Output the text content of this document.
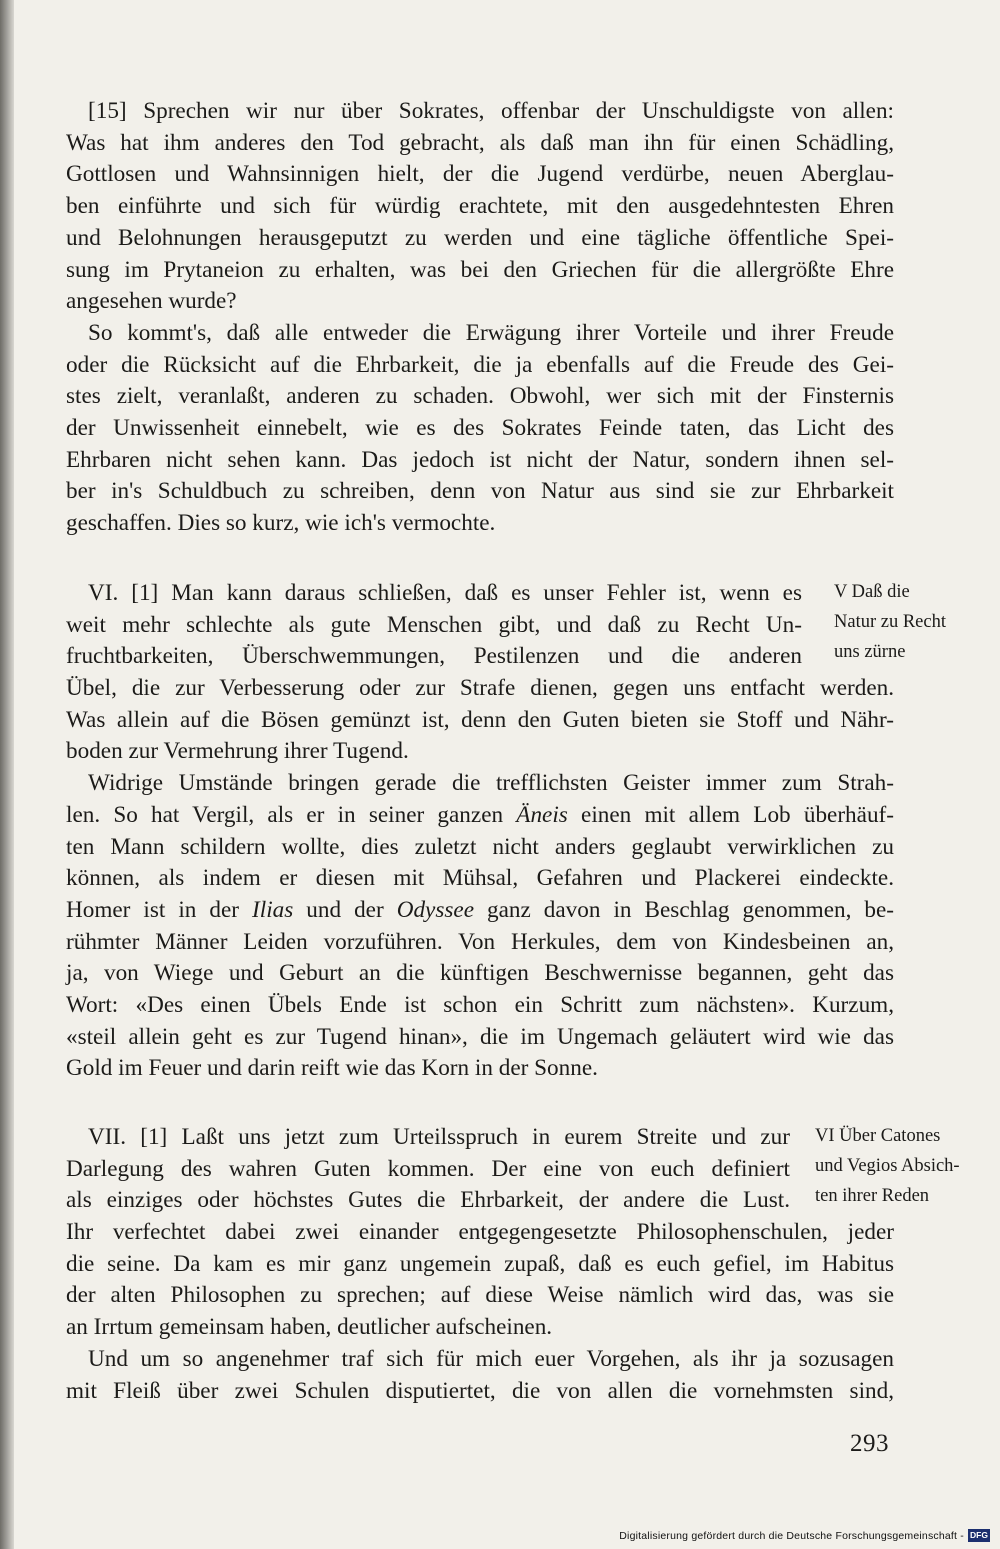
[15] Sprechen wir nur über Sokrates, offenbar der Unschuldigste von allen:
Was hat ihm anderes den Tod gebracht, als daß man ihn für einen Schädling,
Gottlosen und Wahnsinnigen hielt, der die Jugend verdürbe, neuen Aberglau-
ben einführte und sich für würdig erachtete, mit den ausgedehntesten Ehren
und Belohnungen herausgeputzt zu werden und eine tägliche öffentliche Spei-
sung im Prytaneion zu erhalten, was bei den Griechen für die allergrößte Ehre
angesehen wurde?
So kommt's, daß alle entweder die Erwägung ihrer Vorteile und ihrer Freude
oder die Rücksicht auf die Ehrbarkeit, die ja ebenfalls auf die Freude des Gei-
stes zielt, veranlaßt, anderen zu schaden. Obwohl, wer sich mit der Finsternis
der Unwissenheit einnebelt, wie es des Sokrates Feinde taten, das Licht des
Ehrbaren nicht sehen kann. Das jedoch ist nicht der Natur, sondern ihnen sel-
ber in's Schuldbuch zu schreiben, denn von Natur aus sind sie zur Ehrbarkeit
geschaffen. Dies so kurz, wie ich's vermochte.
VI. [1] Man kann daraus schließen, daß es unser Fehler ist, wenn es
weit mehr schlechte als gute Menschen gibt, und daß zu Recht Un-
fruchtbarkeiten, Überschwemmungen, Pestilenzen und die anderen
Übel, die zur Verbesserung oder zur Strafe dienen, gegen uns entfacht werden.
Was allein auf die Bösen gemünzt ist, denn den Guten bieten sie Stoff und Nähr-
boden zur Vermehrung ihrer Tugend.
Widrige Umstände bringen gerade die trefflichsten Geister immer zum Strah-
len. So hat Vergil, als er in seiner ganzen Äneis einen mit allem Lob überhäuf-
ten Mann schildern wollte, dies zuletzt nicht anders geglaubt verwirklichen zu
können, als indem er diesen mit Mühsal, Gefahren und Plackerei eindeckte.
Homer ist in der Ilias und der Odyssee ganz davon in Beschlag genommen, be-
rühmter Männer Leiden vorzuführen. Von Herkules, dem von Kindesbeinen an,
ja, von Wiege und Geburt an die künftigen Beschwernisse begannen, geht das
Wort: «Des einen Übels Ende ist schon ein Schritt zum nächsten». Kurzum,
«steil allein geht es zur Tugend hinan», die im Ungemach geläutert wird wie das
Gold im Feuer und darin reift wie das Korn in der Sonne.
VII. [1] Laßt uns jetzt zum Urteilsspruch in eurem Streite und zur
Darlegung des wahren Guten kommen. Der eine von euch definiert
als einziges oder höchstes Gutes die Ehrbarkeit, der andere die Lust.
Ihr verfechtet dabei zwei einander entgegengesetzte Philosophenschulen, jeder
die seine. Da kam es mir ganz ungemein zupaß, daß es euch gefiel, im Habitus
der alten Philosophen zu sprechen; auf diese Weise nämlich wird das, was sie
an Irrtum gemeinsam haben, deutlicher aufscheinen.
Und um so angenehmer traf sich für mich euer Vorgehen, als ihr ja sozusagen
mit Fleiß über zwei Schulen disputiertet, die von allen die vornehmsten sind,
V Daß die
Natur zu Recht
uns zürne
VI Über Catones
und Vegios Absich-
ten ihrer Reden
293
Digitalisierung gefördert durch die Deutsche Forschungsgemeinschaft - DFG
